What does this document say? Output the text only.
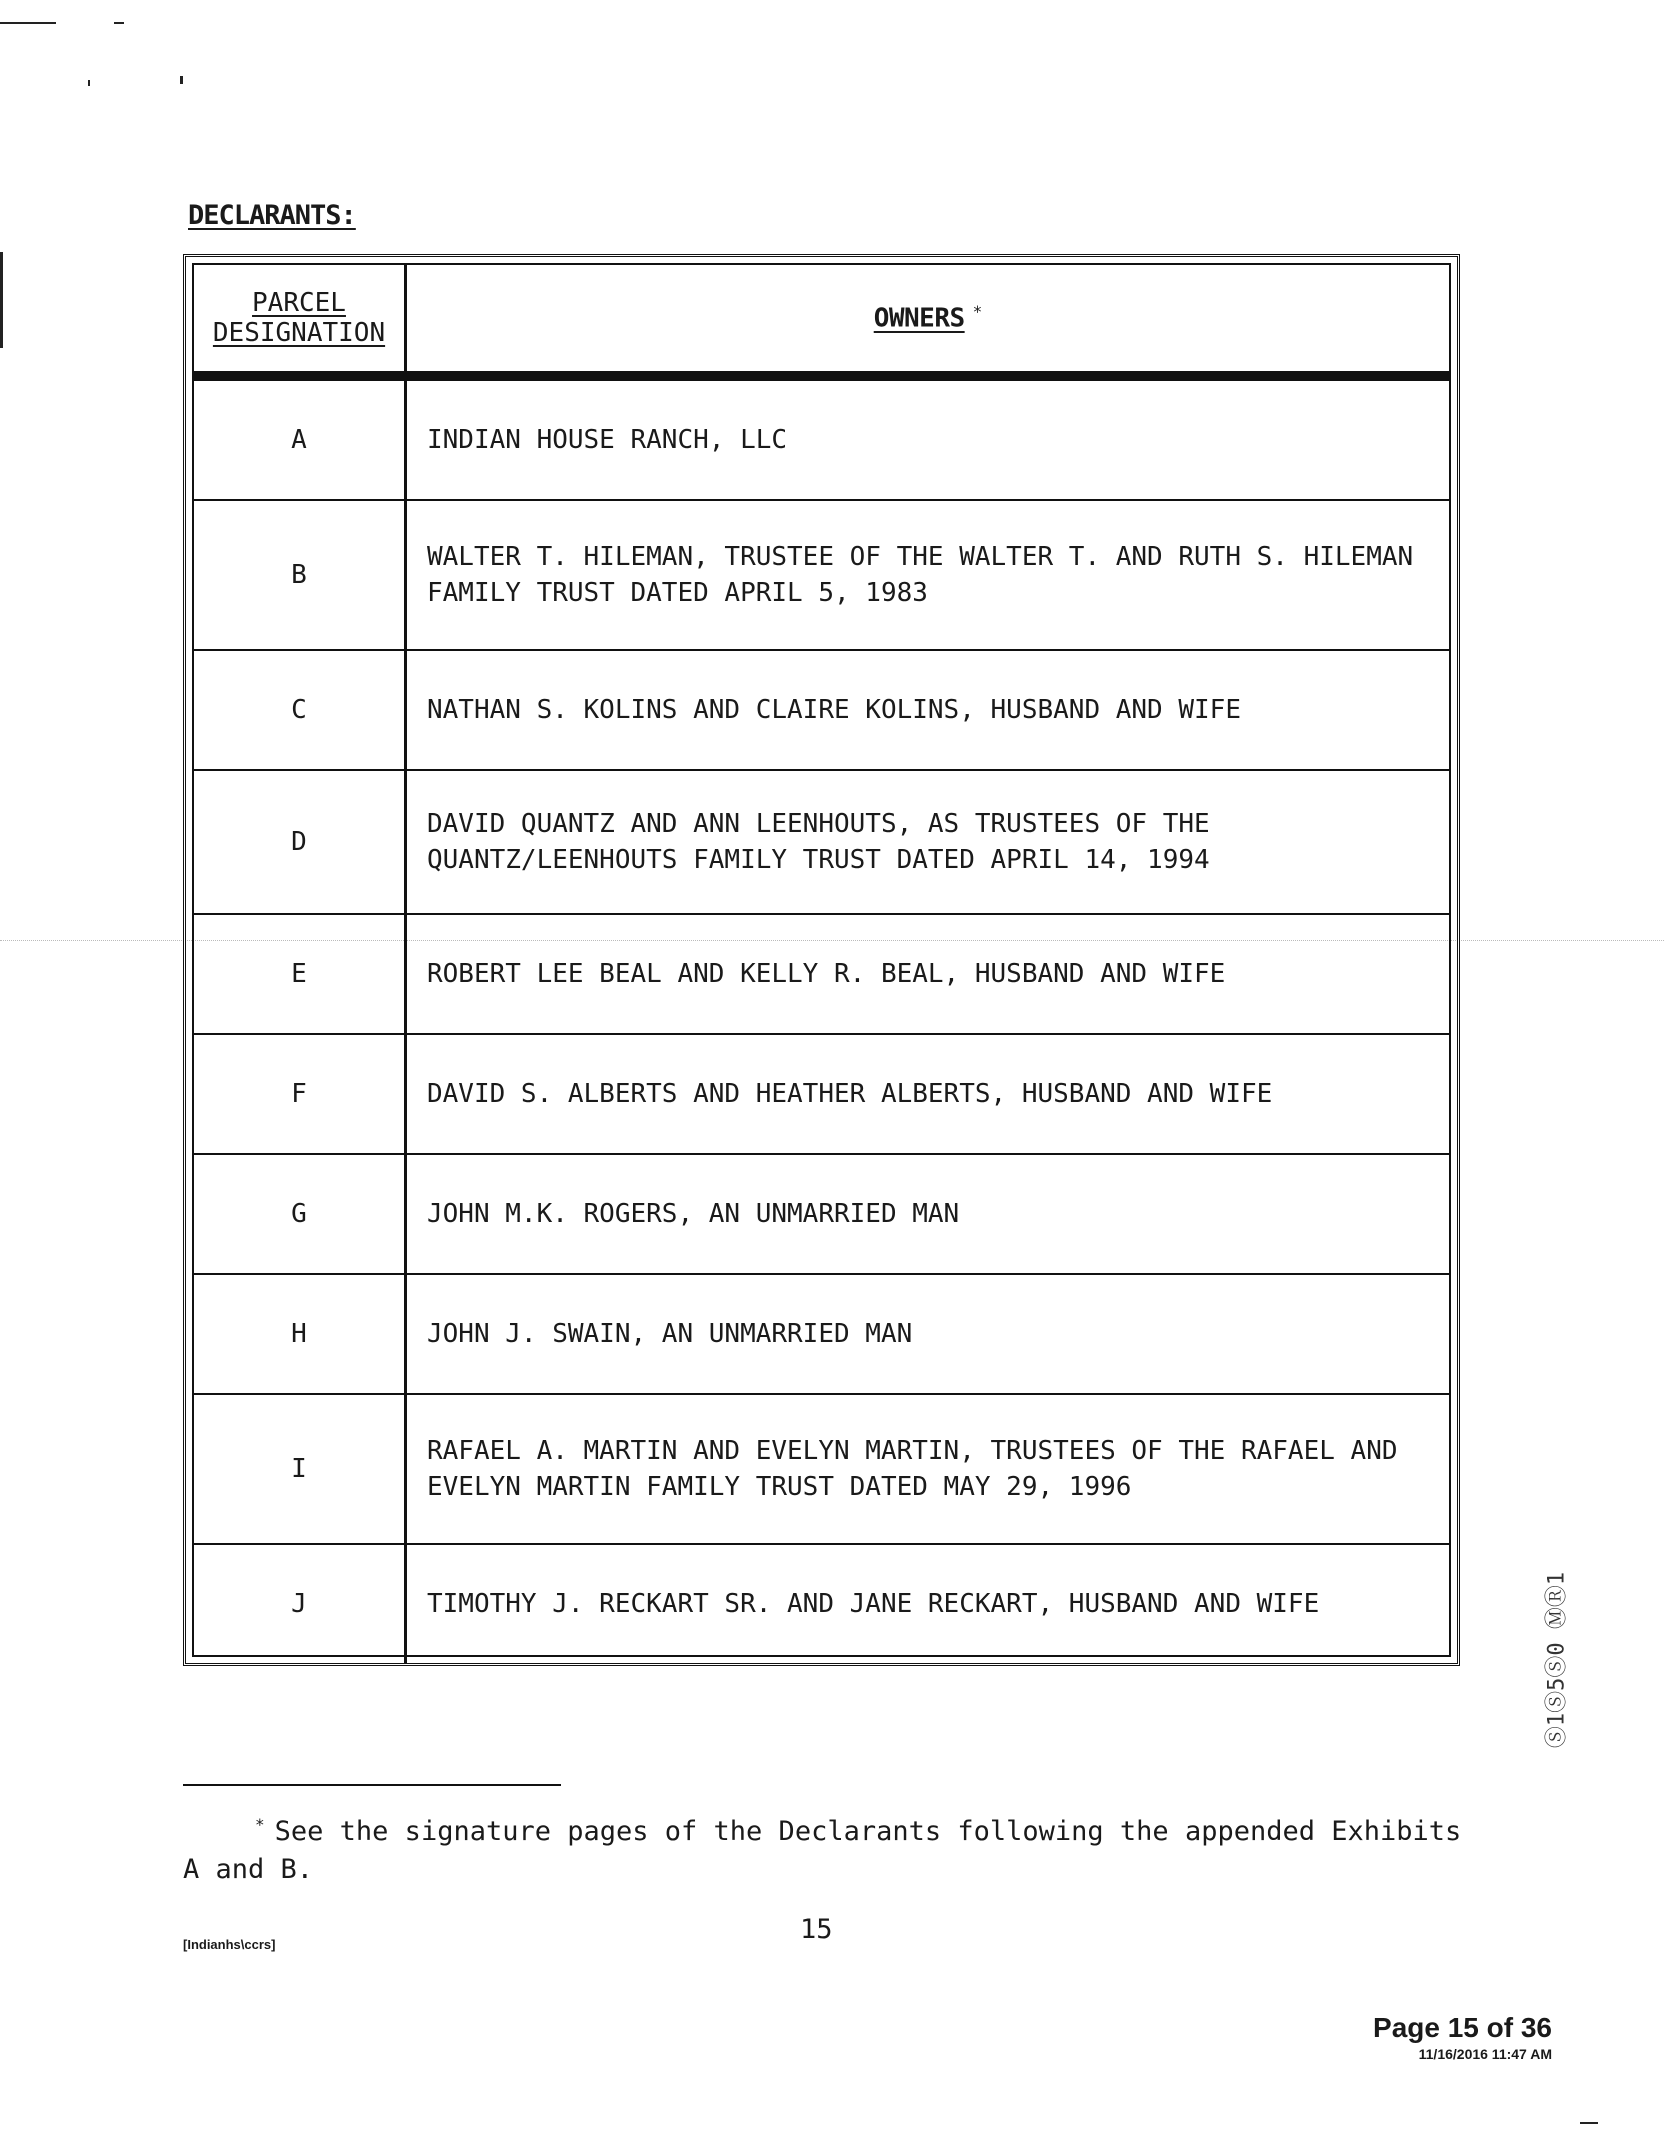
DECLARANTS:
PARCEL
DESIGNATION	OWNERS *
A	INDIAN HOUSE RANCH, LLC
B	WALTER T. HILEMAN, TRUSTEE OF THE WALTER T. AND RUTH S. HILEMAN FAMILY TRUST DATED APRIL 5, 1983
C	NATHAN S. KOLINS AND CLAIRE KOLINS, HUSBAND AND WIFE
D	DAVID QUANTZ AND ANN LEENHOUTS, AS TRUSTEES OF THE QUANTZ/LEENHOUTS FAMILY TRUST DATED APRIL 14, 1994
E	ROBERT LEE BEAL AND KELLY R. BEAL, HUSBAND AND WIFE
F	DAVID S. ALBERTS AND HEATHER ALBERTS, HUSBAND AND WIFE
G	JOHN M.K. ROGERS, AN UNMARRIED MAN
H	JOHN J. SWAIN, AN UNMARRIED MAN
I	RAFAEL A. MARTIN AND EVELYN MARTIN, TRUSTEES OF THE RAFAEL AND EVELYN MARTIN FAMILY TRUST DATED MAY 29, 1996
J	TIMOTHY J. RECKART SR. AND JANE RECKART, HUSBAND AND WIFE
* See the signature pages of the Declarants following the appended Exhibits A and B.
15
[Indianhs\ccrs]
Page 15 of 36
11/16/2016 11:47 AM
Ⓢ1Ⓢ5Ⓢ0 ⓂⓇ1
